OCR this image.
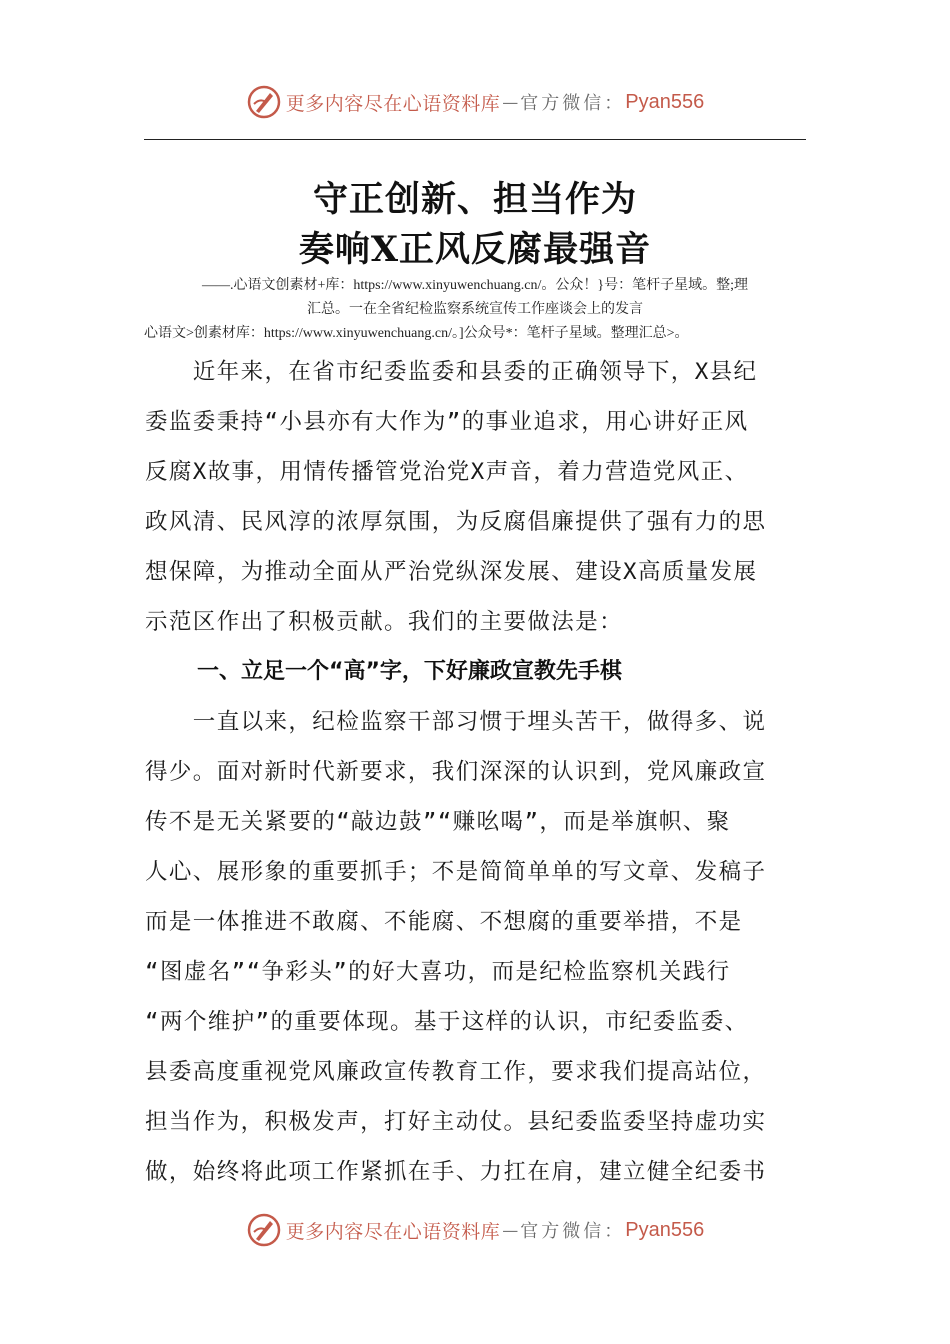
更多内容尽在心语资料库 — 官方微信： Pyan556
守正创新、担当作为
奏响X正风反腐最强音
——.心语文创素材+库：https://www.xinyuwenchuang.cn/。公众！}号：笔杆子星域。整;理
汇总。一在全省纪检监察系统宣传工作座谈会上的发言
心语文>创素材库：https://www.xinyuwenchuang.cn/。]公众号*：笔杆子星域。整理汇总>。
　　近年来，在省市纪委监委和县委的正确领导下，X县纪
委监委秉持“小县亦有大作为”的事业追求，用心讲好正风
反腐X故事，用情传播管党治党X声音，着力营造党风正、
政风清、民风淳的浓厚氛围，为反腐倡廉提供了强有力的思
想保障，为推动全面从严治党纵深发展、建设X高质量发展
示范区作出了积极贡献。我们的主要做法是：
一、立足一个“高”字，下好廉政宣教先手棋
　　一直以来，纪检监察干部习惯于埋头苦干，做得多、说
得少。面对新时代新要求，我们深深的认识到，党风廉政宣
传不是无关紧要的“敲边鼓”“赚吆喝”，而是举旗帜、聚
人心、展形象的重要抓手；不是简简单单的写文章、发稿子
而是一体推进不敢腐、不能腐、不想腐的重要举措，不是
“图虚名”“争彩头”的好大喜功，而是纪检监察机关践行
“两个维护”的重要体现。基于这样的认识，市纪委监委、
县委高度重视党风廉政宣传教育工作，要求我们提高站位，
担当作为，积极发声，打好主动仗。县纪委监委坚持虚功实
做，始终将此项工作紧抓在手、力扛在肩，建立健全纪委书
更多内容尽在心语资料库 — 官方微信： Pyan556
